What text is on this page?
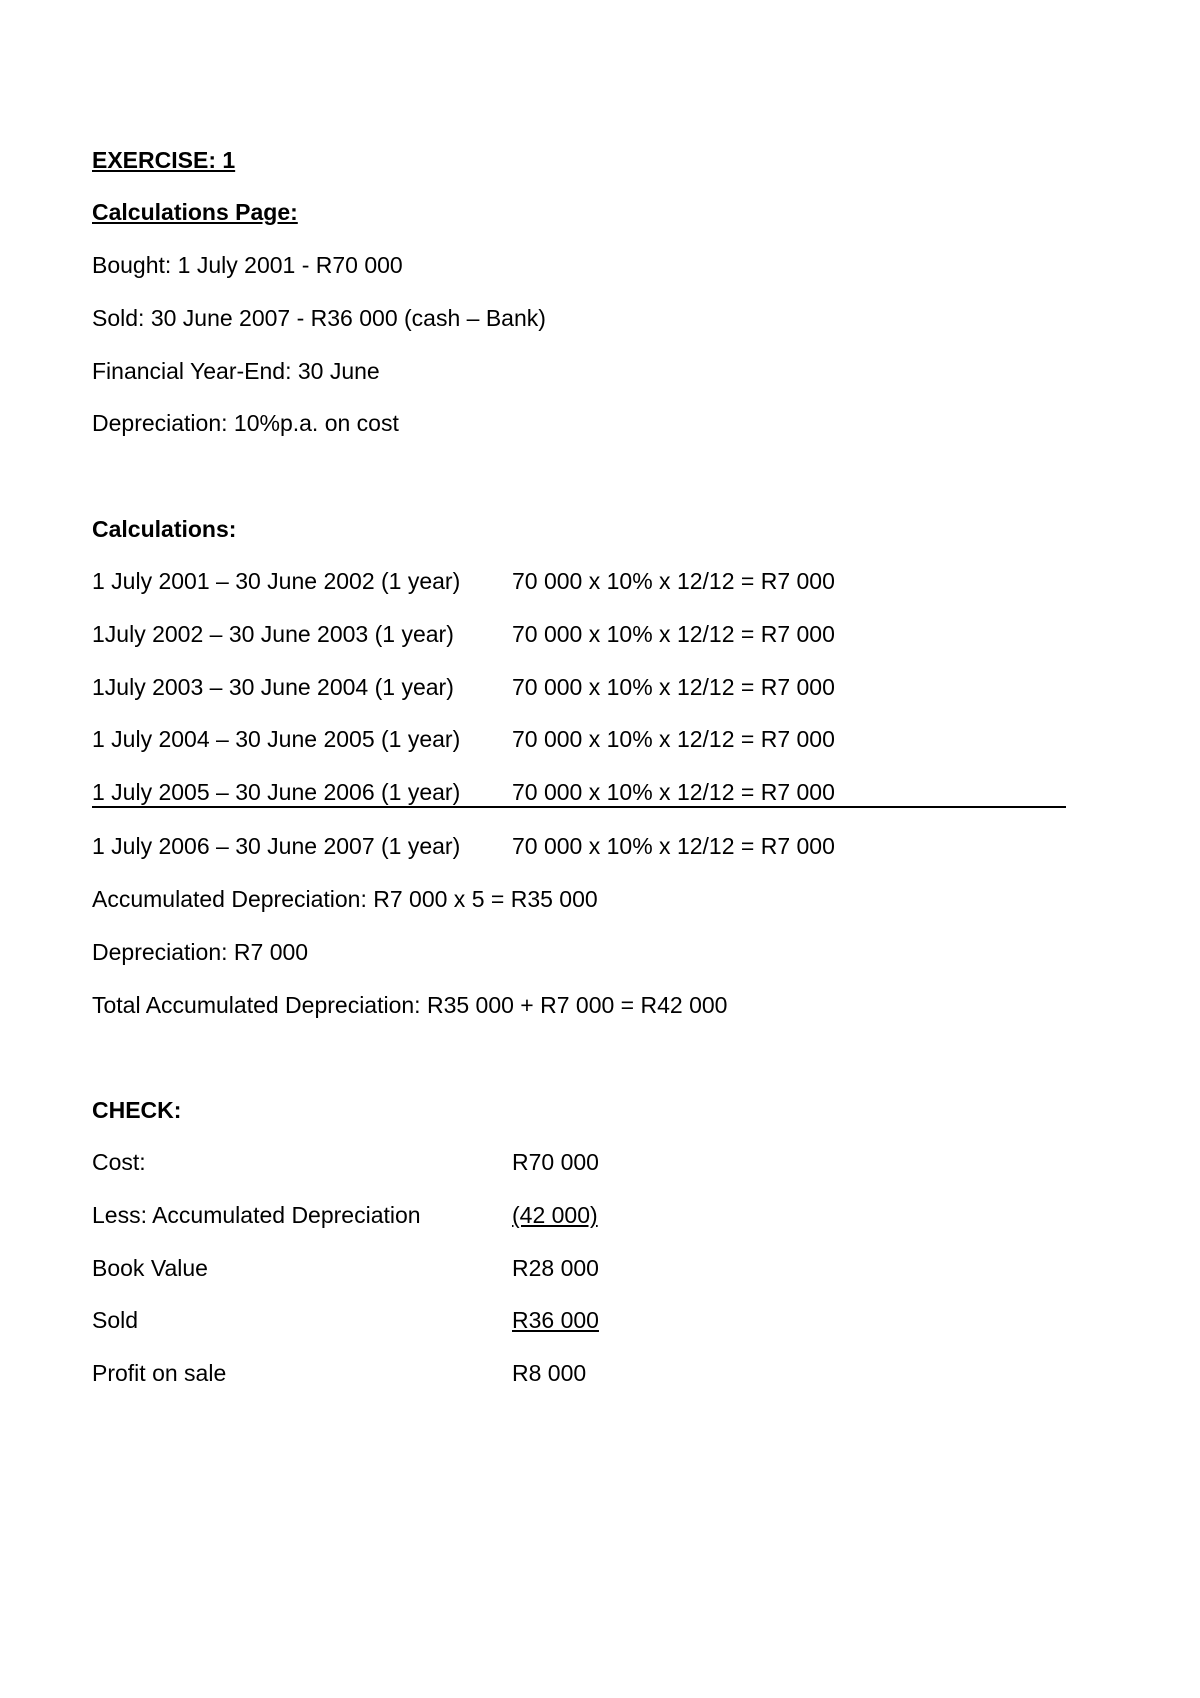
EXERCISE: 1
Calculations Page:
Bought: 1 July 2001 - R70 000
Sold: 30 June 2007 - R36 000 (cash – Bank)
Financial Year-End: 30 June
Depreciation: 10%p.a. on cost
Calculations:
1 July 2001 – 30 June 2002 (1 year) 70 000 x 10% x 12/12 = R7 000
1July 2002 – 30 June 2003 (1 year)	70 000 x 10% x 12/12 = R7 000
1July 2003 – 30 June 2004 (1 year)	70 000 x 10% x 12/12 = R7 000
1 July 2004 – 30 June 2005 (1 year) 70 000 x 10% x 12/12 = R7 000
1 July 2005 – 30 June 2006 (1 year) 70 000 x 10% x 12/12 = R7 000
1 July 2006 – 30 June 2007 (1 year) 70 000 x 10% x 12/12 = R7 000
Accumulated Depreciation: R7 000 x 5 = R35 000
Depreciation: R7 000
Total Accumulated Depreciation: R35 000 + R7 000 = R42 000
CHECK:
Cost:	R70 000
Less: Accumulated Depreciation	(42 000)
Book Value	R28 000
Sold	R36 000
Profit on sale	R8 000
